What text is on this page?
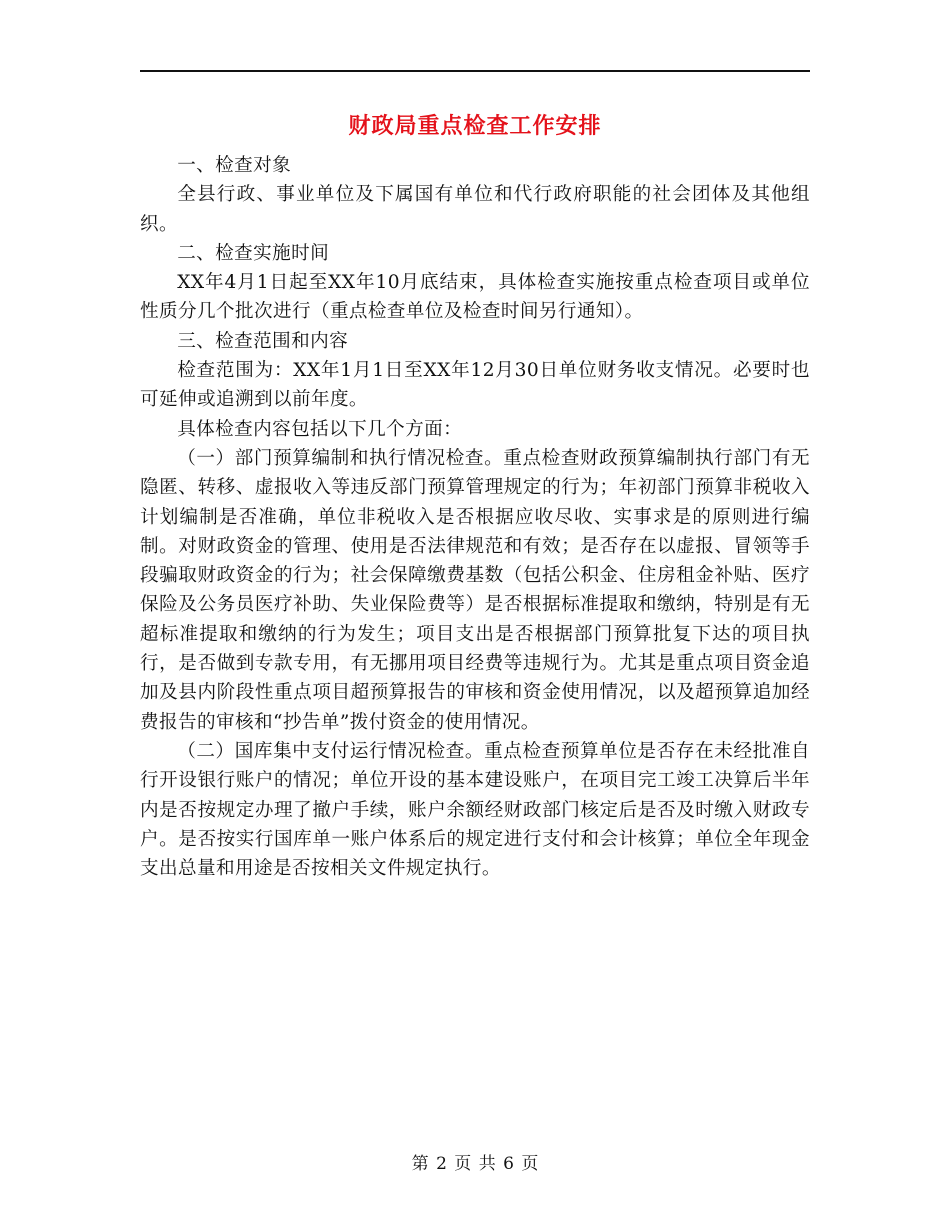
财政局重点检查工作安排

一、检查对象

全县行政、事业单位及下属国有单位和代行政府职能的社会团体及其他组织。

二、检查实施时间

XX年4月1日起至XX年10月底结束，具体检查实施按重点检查项目或单位性质分几个批次进行（重点检查单位及检查时间另行通知）。

三、检查范围和内容

检查范围为：XX年1月1日至XX年12月30日单位财务收支情况。必要时也可延伸或追溯到以前年度。

具体检查内容包括以下几个方面：

（一）部门预算编制和执行情况检查。重点检查财政预算编制执行部门有无隐匿、转移、虚报收入等违反部门预算管理规定的行为；年初部门预算非税收入计划编制是否准确，单位非税收入是否根据应收尽收、实事求是的原则进行编制。对财政资金的管理、使用是否法律规范和有效；是否存在以虚报、冒领等手段骗取财政资金的行为；社会保障缴费基数（包括公积金、住房租金补贴、医疗保险及公务员医疗补助、失业保险费等）是否根据标准提取和缴纳，特别是有无超标准提取和缴纳的行为发生；项目支出是否根据部门预算批复下达的项目执行，是否做到专款专用，有无挪用项目经费等违规行为。尤其是重点项目资金追加及县内阶段性重点项目超预算报告的审核和资金使用情况，以及超预算追加经费报告的审核和“抄告单”拨付资金的使用情况。

（二）国库集中支付运行情况检查。重点检查预算单位是否存在未经批准自行开设银行账户的情况；单位开设的基本建设账户，在项目完工竣工决算后半年内是否按规定办理了撤户手续，账户余额经财政部门核定后是否及时缴入财政专户。是否按实行国库单一账户体系后的规定进行支付和会计核算；单位全年现金支出总量和用途是否按相关文件规定执行。

第 2 页 共 6 页
